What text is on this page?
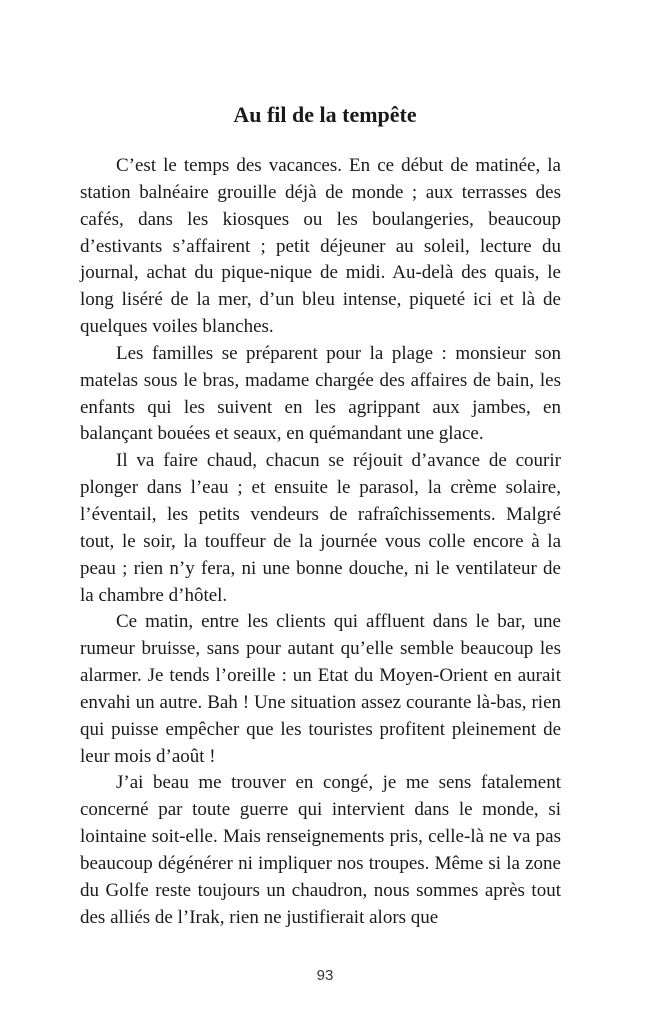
Au fil de la tempête

C’est le temps des vacances. En ce début de matinée, la station balnéaire grouille déjà de monde ; aux terrasses des cafés, dans les kiosques ou les boulangeries, beaucoup d’estivants s’affairent ; petit déjeuner au soleil, lecture du journal, achat du pique-nique de midi. Au-delà des quais, le long liséré de la mer, d’un bleu intense, piqueté ici et là de quelques voiles blanches.

Les familles se préparent pour la plage : monsieur son matelas sous le bras, madame chargée des affaires de bain, les enfants qui les suivent en les agrippant aux jambes, en balançant bouées et seaux, en quémandant une glace.

Il va faire chaud, chacun se réjouit d’avance de courir plonger dans l’eau ; et ensuite le parasol, la crème solaire, l’éventail, les petits vendeurs de rafraîchissements. Malgré tout, le soir, la touffeur de la journée vous colle encore à la peau ; rien n’y fera, ni une bonne douche, ni le ventilateur de la chambre d’hôtel.

Ce matin, entre les clients qui affluent dans le bar, une rumeur bruisse, sans pour autant qu’elle semble beaucoup les alarmer. Je tends l’oreille : un Etat du Moyen-Orient en aurait envahi un autre. Bah ! Une situation assez courante là-bas, rien qui puisse empêcher que les touristes profitent pleinement de leur mois d’août !

J’ai beau me trouver en congé, je me sens fatalement concerné par toute guerre qui intervient dans le monde, si lointaine soit-elle. Mais renseignements pris, celle-là ne va pas beaucoup dégénérer ni impliquer nos troupes. Même si la zone du Golfe reste toujours un chaudron, nous sommes après tout des alliés de l’Irak, rien ne justifierait alors que

93
